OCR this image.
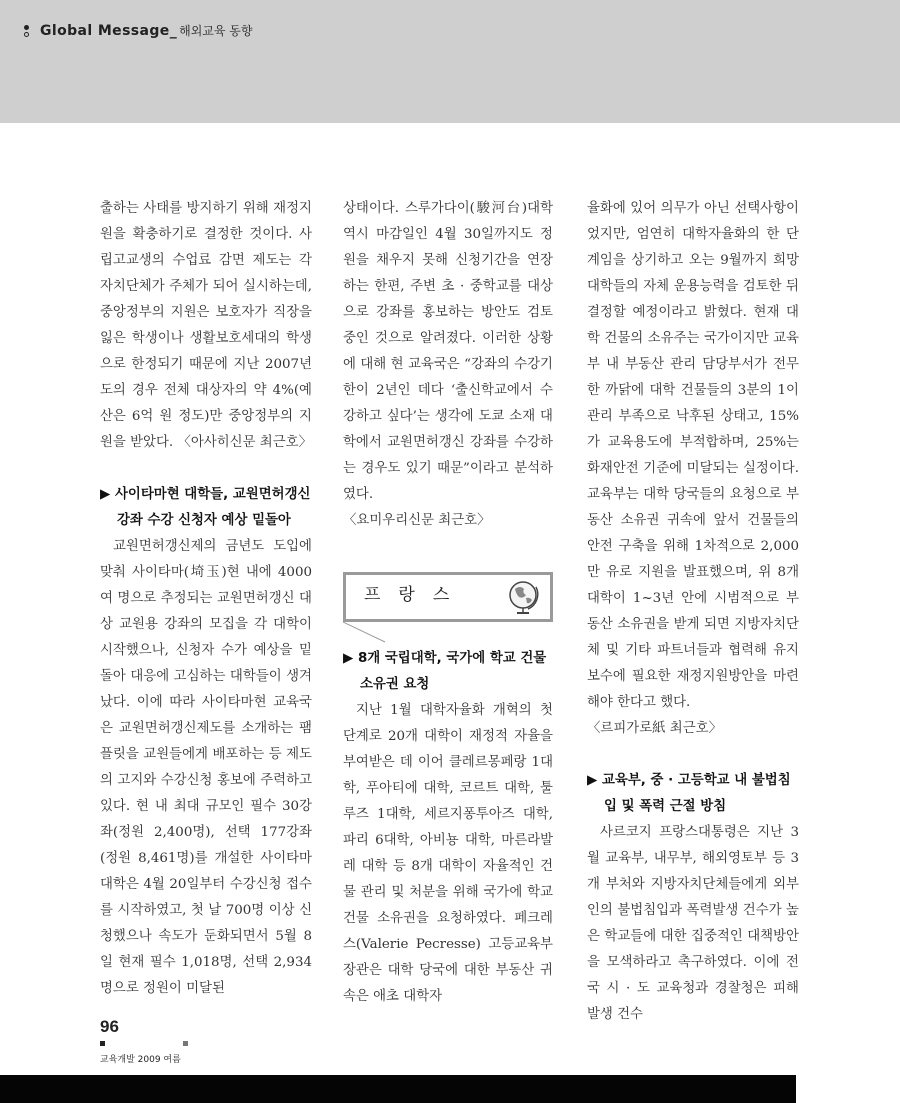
Global Message_ 해외교육 동향

출하는 사태를 방지하기 위해 재정지원을 확충하기로 결정한 것이다. 사립고교생의 수업료 감면 제도는 각 자치단체가 주체가 되어 실시하는데, 중앙정부의 지원은 보호자가 직장을 잃은 학생이나 생활보호세대의 학생으로 한정되기 때문에 지난 2007년도의 경우 전체 대상자의 약 4%(예산은 6억 원 정도)만 중앙정부의 지원을 받았다. 〈아사히신문 최근호〉

▶ 사이타마현 대학들, 교원면허갱신
강좌 수강 신청자 예상 밑돌아

교원면허갱신제의 금년도 도입에 맞춰 사이타마(埼玉)현 내에 4000여 명으로 추정되는 교원면허갱신 대상 교원용 강좌의 모집을 각 대학이 시작했으나, 신청자 수가 예상을 밑돌아 대응에 고심하는 대학들이 생겨났다. 이에 따라 사이타마현 교육국은 교원면허갱신제도를 소개하는 팸플릿을 교원들에게 배포하는 등 제도의 고지와 수강신청 홍보에 주력하고 있다. 현 내 최대 규모인 필수 30강좌(정원 2,400명), 선택 177강좌(정원 8,461명)를 개설한 사이타마대학은 4월 20일부터 수강신청 접수를 시작하였고, 첫 날 700명 이상 신청했으나 속도가 둔화되면서 5월 8일 현재 필수 1,018명, 선택 2,934명으로 정원이 미달된

상태이다. 스루가다이(駿河台)대학 역시 마감일인 4월 30일까지도 정원을 채우지 못해 신청기간을 연장하는 한편, 주변 초 · 중학교를 대상으로 강좌를 홍보하는 방안도 검토 중인 것으로 알려졌다. 이러한 상황에 대해 현 교육국은 “강좌의 수강기한이 2년인 데다 ‘출신학교에서 수강하고 싶다’는 생각에 도쿄 소재 대학에서 교원면허갱신 강좌를 수강하는 경우도 있기 때문”이라고 분석하였다.

〈요미우리신문 최근호〉

프랑스

▶ 8개 국립대학, 국가에 학교 건물
소유권 요청

지난 1월 대학자율화 개혁의 첫 단계로 20개 대학이 재정적 자율을 부여받은 데 이어 클레르몽페랑 1대학, 푸아티에 대학, 코르트 대학, 툴루즈 1대학, 세르지퐁투아즈 대학, 파리 6대학, 아비뇽 대학, 마른라발레 대학 등 8개 대학이 자율적인 건물 관리 및 처분을 위해 국가에 학교건물 소유권을 요청하였다. 페크레스(Valerie Pecresse) 고등교육부장관은 대학 당국에 대한 부동산 귀속은 애초 대학자

율화에 있어 의무가 아닌 선택사항이었지만, 엄연히 대학자율화의 한 단계임을 상기하고 오는 9월까지 희망 대학들의 자체 운용능력을 검토한 뒤 결정할 예정이라고 밝혔다. 현재 대학 건물의 소유주는 국가이지만 교육부 내 부동산 관리 담당부서가 전무한 까닭에 대학 건물들의 3분의 1이 관리 부족으로 낙후된 상태고, 15%가 교육용도에 부적합하며, 25%는 화재안전 기준에 미달되는 실정이다. 교육부는 대학 당국들의 요청으로 부동산 소유권 귀속에 앞서 건물들의 안전 구축을 위해 1차적으로 2,000만 유로 지원을 발표했으며, 위 8개 대학이 1~3년 안에 시범적으로 부동산 소유권을 받게 되면 지방자치단체 및 기타 파트너들과 협력해 유지보수에 필요한 재정지원방안을 마련해야 한다고 했다.

〈르피가로紙 최근호〉

▶ 교육부, 중 · 고등학교 내 불법침
입 및 폭력 근절 방침

사르코지 프랑스대통령은 지난 3월 교육부, 내무부, 해외영토부 등 3개 부처와 지방자치단체들에게 외부인의 불법침입과 폭력발생 건수가 높은 학교들에 대한 집중적인 대책방안을 모색하라고 촉구하였다. 이에 전국 시 · 도 교육청과 경찰청은 피해 발생 건수

96
교육개발 2009 여름
